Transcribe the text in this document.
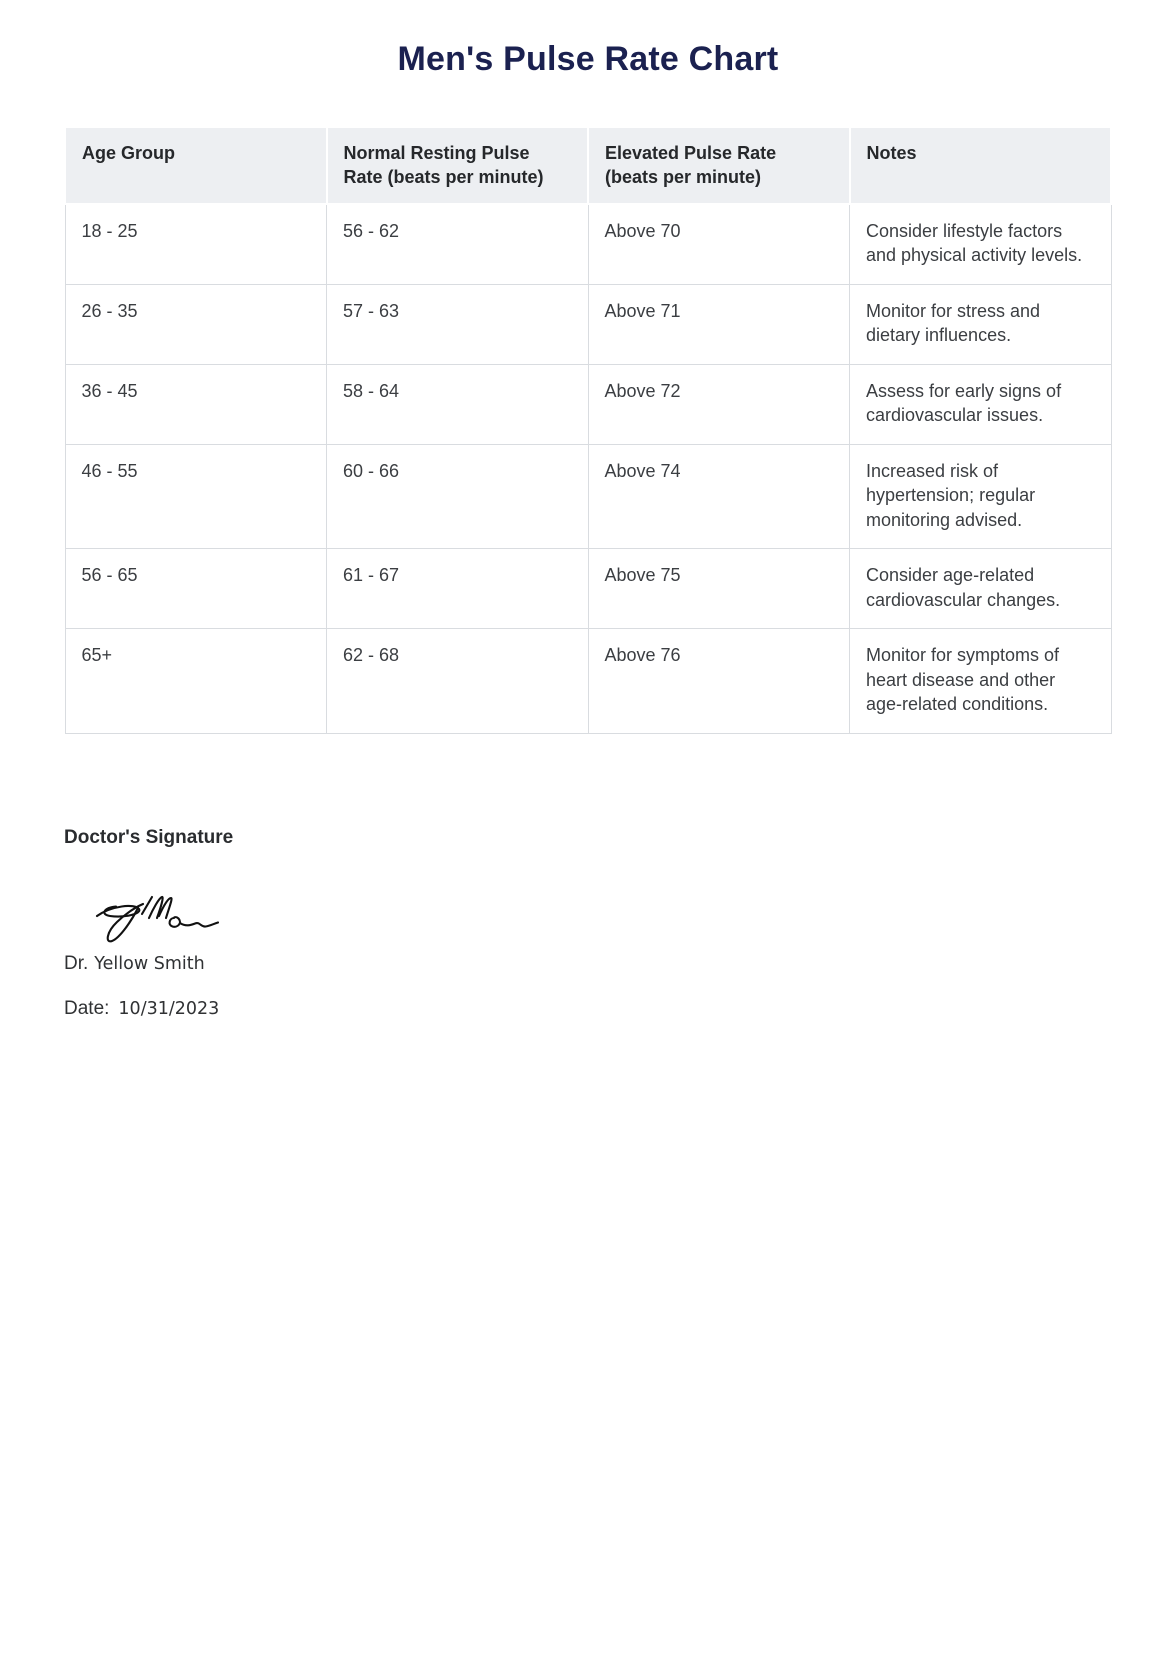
Men's Pulse Rate Chart
Age Group	Normal Resting Pulse Rate (beats per minute)	Elevated Pulse Rate (beats per minute)	Notes
18 - 25	56 - 62	Above 70	Consider lifestyle factors and physical activity levels.
26 - 35	57 - 63	Above 71	Monitor for stress and dietary influences.
36 - 45	58 - 64	Above 72	Assess for early signs of cardiovascular issues.
46 - 55	60 - 66	Above 74	Increased risk of hypertension; regular monitoring advised.
56 - 65	61 - 67	Above 75	Consider age-related cardiovascular changes.
65+	62 - 68	Above 76	Monitor for symptoms of heart disease and other age-related conditions.
Doctor's Signature
Dr. Yellow Smith
Date: 10/31/2023
